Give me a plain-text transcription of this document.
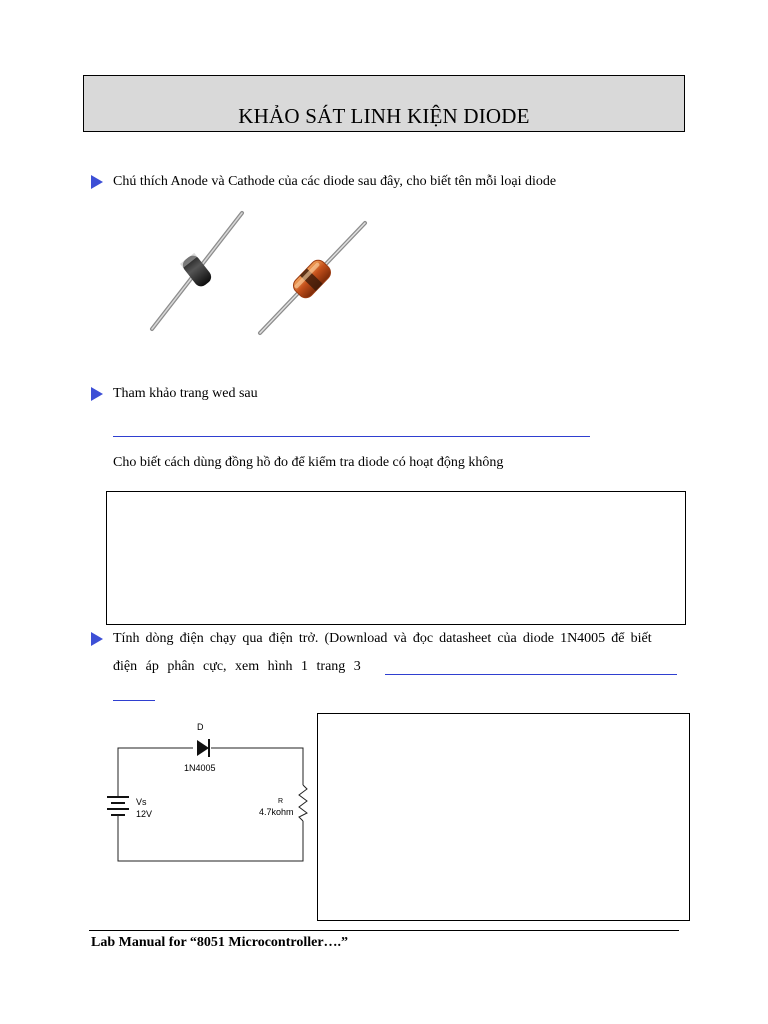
KHẢO SÁT LINH KIỆN DIODE
Chú thích Anode và Cathode của các diode sau đây, cho biết tên mỗi loại diode
Tham khảo trang wed sau
Cho biết cách dùng đồng hồ đo để kiểm tra diode có hoạt động không
Tính dòng điện chạy qua điện trở. (Download và đọc datasheet của diode 1N4005 để biết
điện áp phân cực, xem hình 1 trang 3
D
1N4005
Vs
12V
R
4.7kohm
Lab Manual for “8051 Microcontroller….”
